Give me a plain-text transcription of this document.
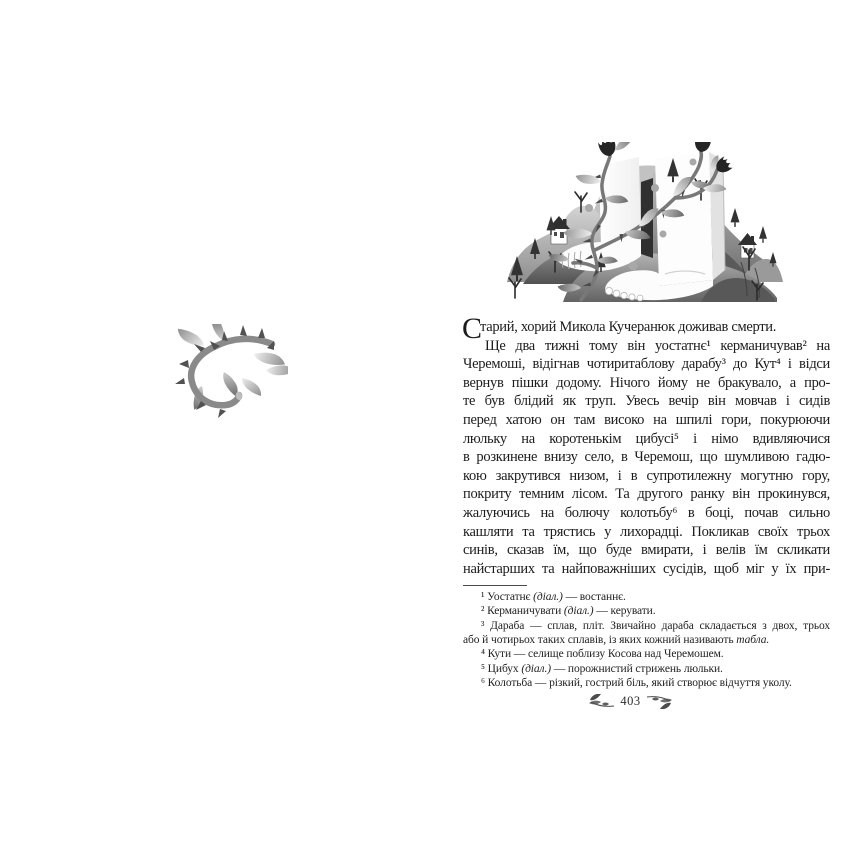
С
тарий, хорий Микола Кучеранюк доживав смерти.
Ще два тижні тому він уостатнє¹ керманичував² на
Черемоші, відігнав чотиритаблову дарабу³ до Кут⁴ і відси
вернув пішки додому. Нічого йому не бракувало, а про-
те був блідий як труп. Увесь вечір він мовчав і сидів
перед хатою он там високо на шпилі гори, покурюючи
люльку на коротенькім цибусі⁵ і німо вдивляючися
в розкинене внизу село, в Черемош, що шумливою гадю-
кою закрутився низом, і в супротилежну могутню гору,
покриту темним лісом. Та другого ранку він прокинувся,
жалуючись на болючу колотьбу⁶ в боці, почав сильно
кашляти та трястись у лихорадці. Покликав своїх трьох
синів, сказав їм, що буде вмирати, і велів їм скликати
найстарших та найповажніших сусідів, щоб міг у їх при-
¹ Уостатнє (діал.) — востаннє.
² Керманичувати (діал.) — керувати.
³ Дараба — сплав, пліт. Звичайно дараба складається з двох, трьох
або й чотирьох таких сплавів, із яких кожний називають табла.
⁴ Кути — селище поблизу Косова над Черемошем.
⁵ Цибух (діал.) — порожнистий стрижень люльки.
⁶ Колотьба — різкий, гострий біль, який створює відчуття уколу.
403
